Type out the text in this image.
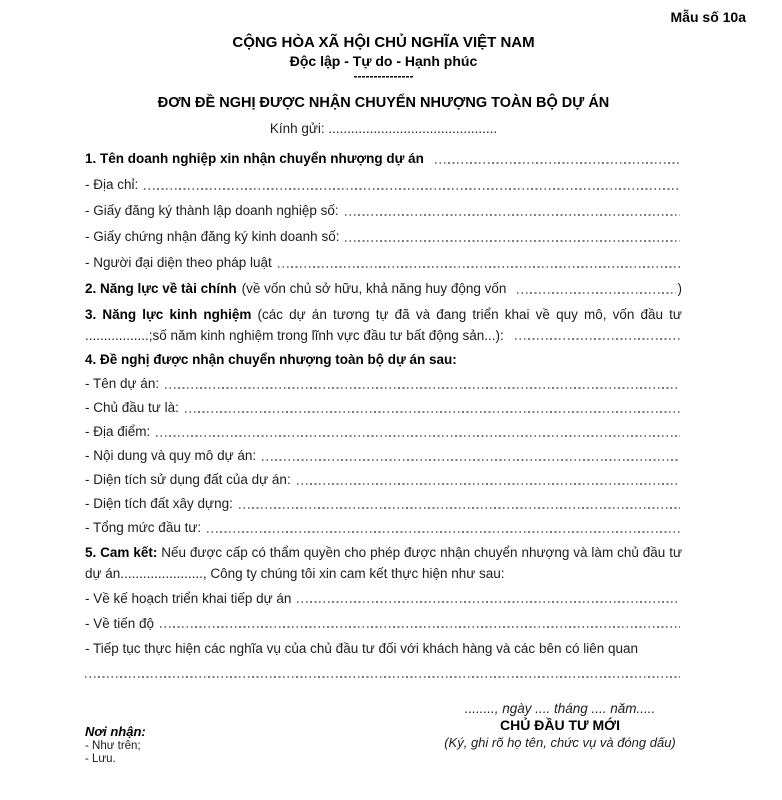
Mẫu số 10a
CỘNG HÒA XÃ HỘI CHỦ NGHĨA VIỆT NAM
Độc lập - Tự do - Hạnh phúc
---------------
ĐƠN ĐỀ NGHỊ ĐƯỢC NHẬN CHUYỂN NHƯỢNG TOÀN BỘ DỰ ÁN
Kính gửi: .............................................
1. Tên doanh nghiệp xin nhận chuyển nhượng dự án
- Địa chỉ:
- Giấy đăng ký thành lập doanh nghiệp số:
- Giấy chứng nhận đăng ký kinh doanh số:
- Người đại diện theo pháp luật
2. Năng lực về tài chính (về vốn chủ sở hữu, khả năng huy động vốn	)
3. Năng lực kinh nghiệm (các dự án tương tự đã và đang triển khai về quy mô, vốn đầu tư
.................; số năm kinh nghiệm trong lĩnh vực đầu tư bất động sản...):
4. Đề nghị được nhận chuyển nhượng toàn bộ dự án sau:
- Tên dự án:
- Chủ đầu tư là:
- Địa điểm:
- Nội dung và quy mô dự án:
- Diện tích sử dụng đất của dự án:
- Diện tích đất xây dựng:
- Tổng mức đầu tư:
5. Cam kết: Nếu được cấp có thẩm quyền cho phép được nhận chuyển nhượng và làm chủ đầu tư
dự án......................, Công ty chúng tôi xin cam kết thực hiện như sau:
- Về kế hoạch triển khai tiếp dự án
- Về tiến độ
- Tiếp tục thực hiện các nghĩa vụ của chủ đầu tư đối với khách hàng và các bên có liên quan
Nơi nhận:
- Như trên;
- Lưu.
........, ngày .... tháng .... năm.....
CHỦ ĐẦU TƯ MỚI
(Ký, ghi rõ họ tên, chức vụ và đóng dấu)
